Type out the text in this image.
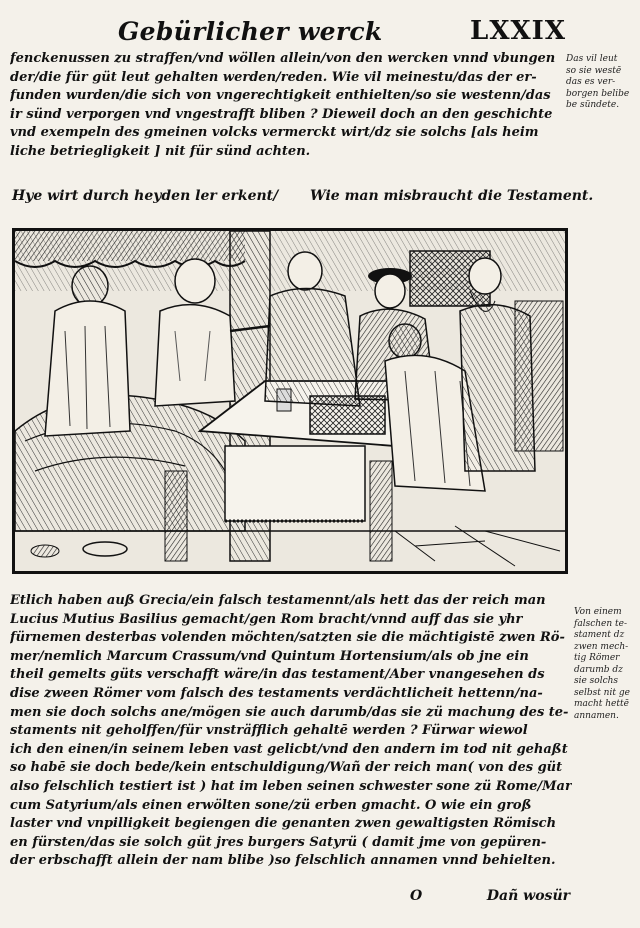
Gebürlicher werck	LXXIX
fenckenussen zu straffen/vnd wöllen allein/von den wercken vnnd vbungen
der/die für güt leut gehalten werden/reden. Wie vil meinestu/das der er-
funden wurden/die sich von vngerechtigkeit enthielten/so sie westenn/das
ir sünd verporgen vnd vngestrafft bliben ? Dieweil doch an den geschichte
vnd exempeln des gmeinen volcks vermerckt wirt/dz sie solchs [als heim
liche betriegligkeit ] nit für sünd achten.
Das vil leut
so sie westē
das es ver-
borgen belibe
be sündete.
Hye wirt durch heyden ler erkent/ Wie man misbraucht die Testament.
Etlich haben auß Grecia/ein falsch testamennt/als hett das der reich man
Lucius Mutius Basilius gemacht/gen Rom bracht/vnnd auff das sie yhr
fürnemen desterbas volenden möchten/satzten sie die mächtigistē zwen Rö-
mer/nemlich Marcum Crassum/vnd Quintum Hortensium/als ob jne ein
theil gemelts güts verschafft wäre/in das testament/Aber vnangesehen ds
dise zween Römer vom falsch des testaments verdächtlicheit hettenn/na-
men sie doch solchs ane/mögen sie auch darumb/das sie zü machung des te-
staments nit geholffen/für vnsträfflich gehaltē werden ? Fürwar wiewol
ich den einen/in seinem leben vast gelicbt/vnd den andern im tod nit gehaßt
so habē sie doch bede/kein entschuldigung/Wañ der reich man( von des güt
also felschlich testiert ist ) hat im leben seinen schwester sone zü Rome/Mar
cum Satyrium/als einen erwölten sone/zü erben gmacht. O wie ein groß
laster vnd vnpilligkeit begiengen die genanten zwen gewaltigsten Römisch
en fürsten/das sie solch güt jres burgers Satyrü ( damit jme von gepüren-
der erbschafft allein der nam blibe )so felschlich annamen vnnd behielten.
Von einem
falschen te-
stament dz
zwen mech-
tig Römer
darumb dz
sie solchs
selbst nit ge
macht hettē
annamen.
O	Dañ wosür
